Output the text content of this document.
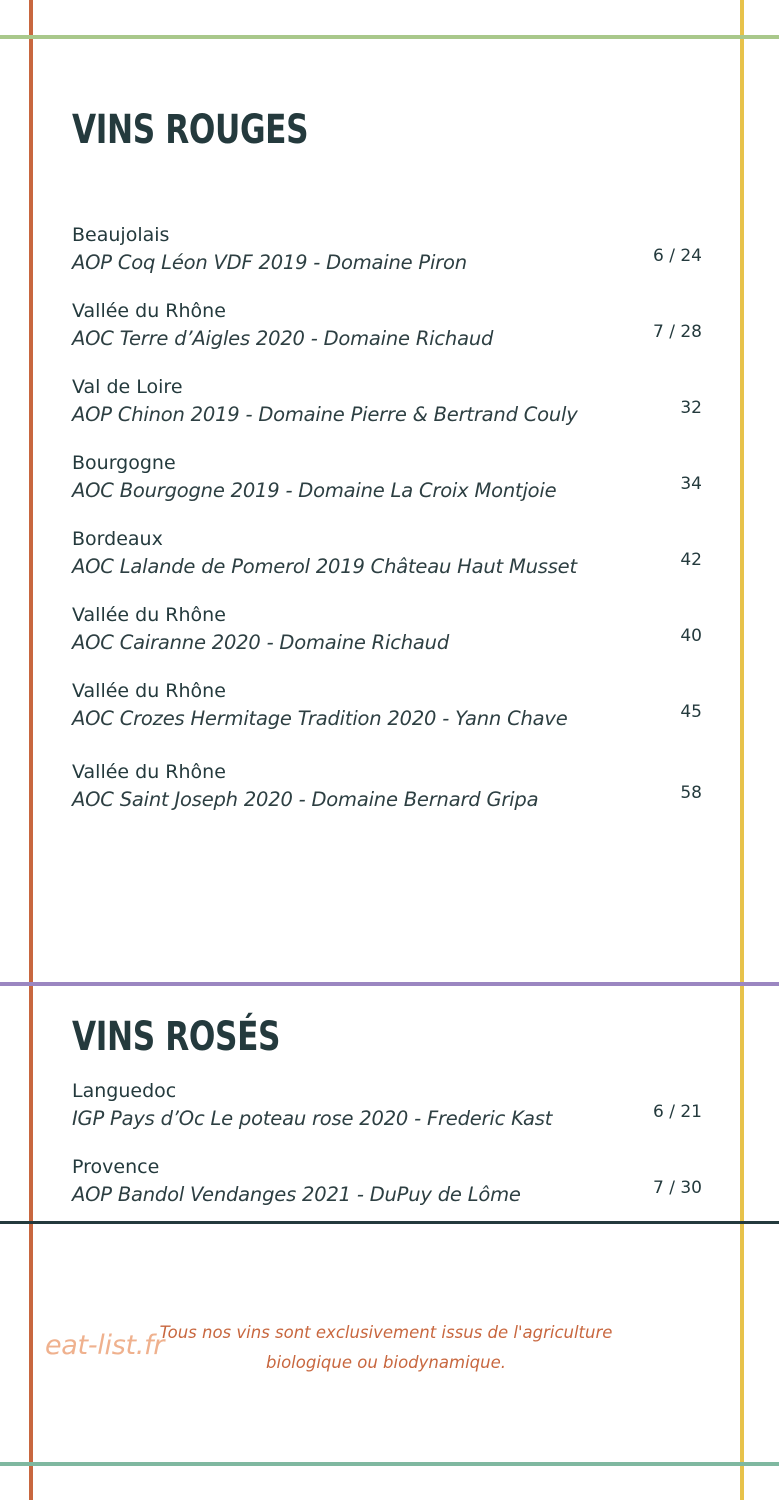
VINS ROUGES
Beaujolais
AOP Coq Léon VDF 2019 - Domaine Piron	6 / 24
Vallée du Rhône
AOC Terre d’Aigles 2020 - Domaine Richaud	7 / 28
Val de Loire
AOP Chinon 2019 - Domaine Pierre & Bertrand Couly	32
Bourgogne
AOC Bourgogne 2019 - Domaine La Croix Montjoie	34
Bordeaux
AOC Lalande de Pomerol 2019 Château Haut Musset	42
Vallée du Rhône
AOC Cairanne 2020 - Domaine Richaud	40
Vallée du Rhône
AOC Crozes Hermitage Tradition 2020 - Yann Chave	45
Vallée du Rhône
AOC Saint Joseph 2020 - Domaine Bernard Gripa	58
VINS ROSÉS
Languedoc
IGP Pays d’Oc Le poteau rose 2020 - Frederic Kast	6 / 21
Provence
AOP Bandol Vendanges 2021 - DuPuy de Lôme	7 / 30

Tous nos vins sont exclusivement issus de l'agriculture
biologique ou biodynamique.

eat-list.fr
